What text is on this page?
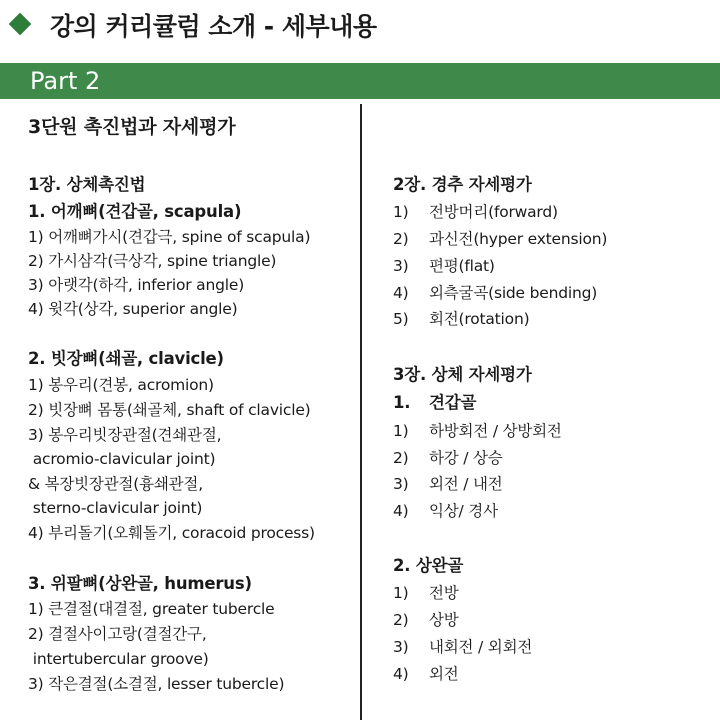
강의 커리큘럼 소개 - 세부내용
Part 2
3단원 촉진법과 자세평가
1장. 상체촉진법
1. 어깨뼈(견갑골, scapula)
1) 어깨뼈가시(견갑극, spine of scapula)
2) 가시삼각(극상각, spine triangle)
3) 아랫각(하각, inferior angle)
4) 윗각(상각, superior angle)
2. 빗장뼈(쇄골, clavicle)
1) 봉우리(견봉, acromion)
2) 빗장뼈 몸통(쇄골체, shaft of clavicle)
3) 봉우리빗장관절(견쇄관절,
acromio-clavicular joint)
& 복장빗장관절(흉쇄관절,
sterno-clavicular joint)
4) 부리돌기(오훼돌기, coracoid process)
3. 위팔뼈(상완골, humerus)
1) 큰결절(대결절, greater tubercle
2) 결절사이고랑(결절간구,
intertubercular groove)
3) 작은결절(소결절, lesser tubercle)
2장. 경추 자세평가
1) 전방머리(forward)
2) 과신전(hyper extension)
3) 편평(flat)
4) 외측굴곡(side bending)
5) 회전(rotation)
3장. 상체 자세평가
1. 견갑골
1) 하방회전 / 상방회전
2) 하강 / 상승
3) 외전 / 내전
4) 익상/ 경사
2. 상완골
1) 전방
2) 상방
3) 내회전 / 외회전
4) 외전
